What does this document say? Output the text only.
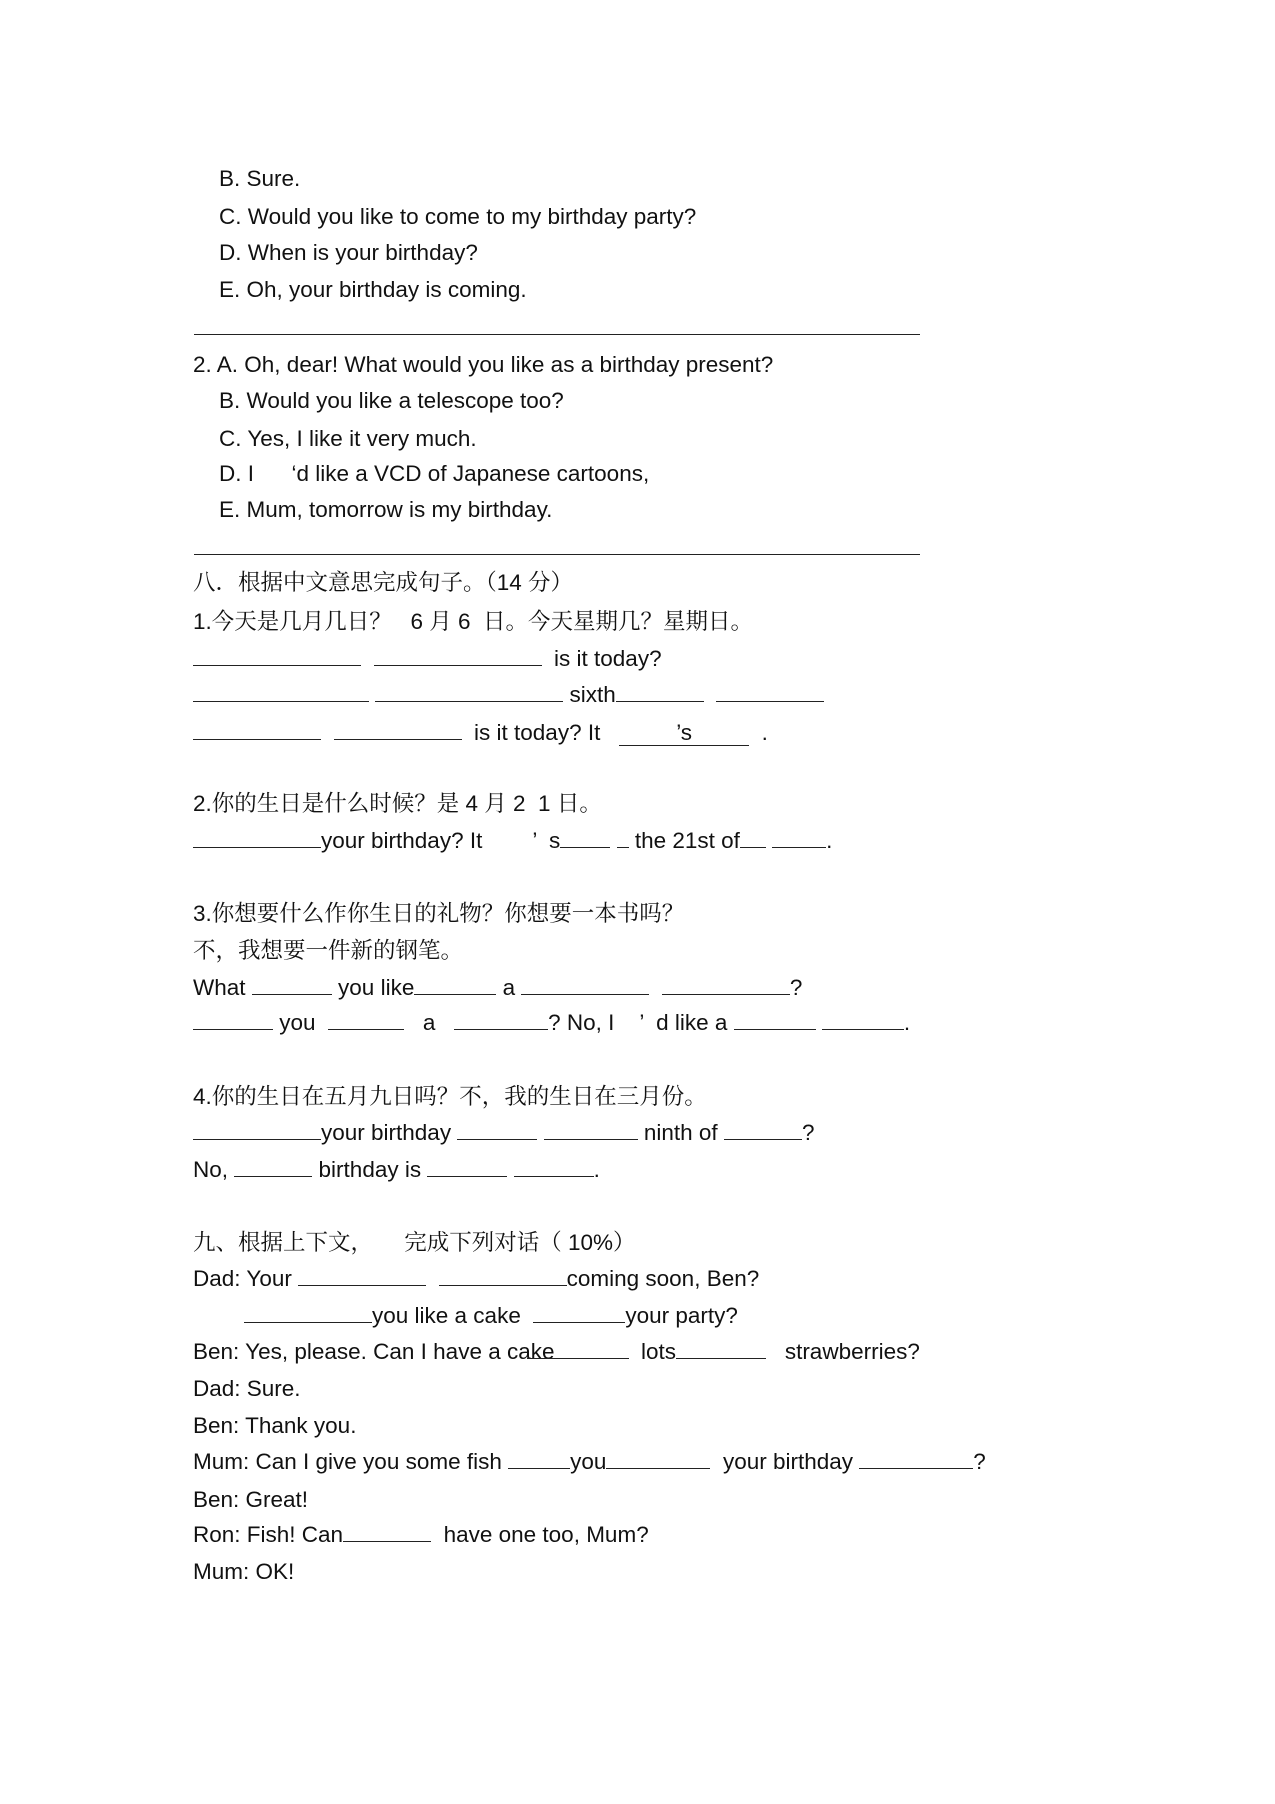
B. Sure.
C. Would you like to come to my birthday party?
D. When is your birthday?
E. Oh, your birthday is coming.
2. A. Oh, dear! What would you like as a birthday present?
B. Would you like a telescope too?
C. Yes, I like it very much.
D. I      ‘d like a VCD of Japanese cartoons,
E. Mum, tomorrow is my birthday.
八．根据中文意思完成句子。（14 分）
1.今天是几月几日？   6 月 6  日。今天星期几？星期日。
is it today?
sixth
is it today? It	’s	.
2.你的生日是什么时候？是 4 月 2  1 日。
your birthday? It ’ s	the 21st of	.
3.你想要什么作你生日的礼物？你想要一本书吗？
不，我想要一件新的钢笔。
What	you like	a	?
you	a	? No, I ’ d like a	.
4.你的生日在五月九日吗？不，我的生日在三月份。
your birthday	ninth of	?
No,	birthday is	.
九、根据上下文，     完成下列对话（ 10%）
Dad: Your	coming soon, Ben?
you like a cake	your party?
Ben: Yes, please. Can I have a cake	lots	strawberries?
Dad: Sure.
Ben: Thank you.
Mum: Can I give you some fish	you	your birthday	?
Ben: Great!
Ron: Fish! Can	have one too, Mum?
Mum: OK!
